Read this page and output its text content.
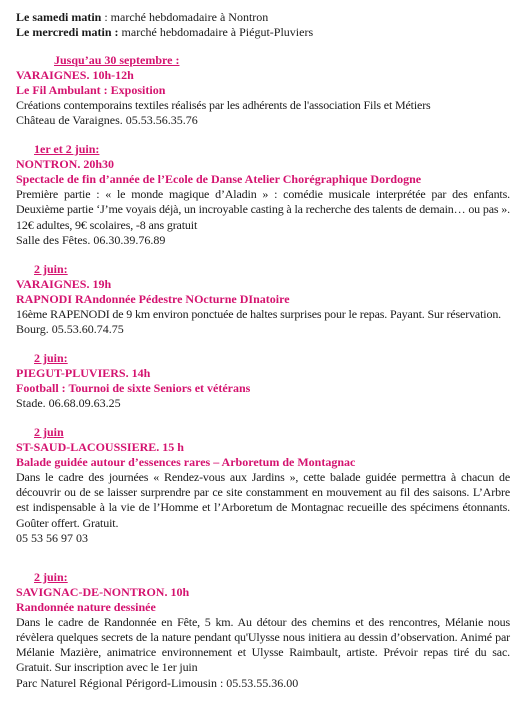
Le samedi matin : marché hebdomadaire à Nontron
Le mercredi matin : marché hebdomadaire à Piégut-Pluviers
Jusqu’au 30 septembre :
VARAIGNES. 10h-12h
Le Fil Ambulant : Exposition
Créations contemporains textiles réalisés par les adhérents de l'association Fils et Métiers
Château de Varaignes. 05.53.56.35.76
1er et 2 juin:
NONTRON. 20h30
Spectacle de fin d’année de l’Ecole de Danse Atelier Chorégraphique Dordogne
Première partie : « le monde magique d’Aladin » : comédie musicale interprétée par des enfants. Deuxième partie ‘J’me voyais déjà, un incroyable casting à la recherche des talents de demain… ou pas ». 12€ adultes, 9€ scolaires, -8 ans gratuit
Salle des Fêtes. 06.30.39.76.89
2 juin:
VARAIGNES. 19h
RAPNODI RAndonnée Pédestre NOcturne DInatoire
16ème RAPENODI de 9 km environ ponctuée de haltes surprises pour le repas. Payant. Sur réservation.
Bourg. 05.53.60.74.75
2 juin:
PIEGUT-PLUVIERS. 14h
Football : Tournoi de sixte Seniors et vétérans
Stade. 06.68.09.63.25
2 juin
ST-SAUD-LACOUSSIERE. 15 h
Balade guidée autour d’essences rares – Arboretum de Montagnac
Dans le cadre des journées « Rendez-vous aux Jardins », cette balade guidée permettra à chacun de découvrir ou de se laisser surprendre par ce site constamment en mouvement au fil des saisons. L’Arbre est indispensable à la vie de l’Homme et l’Arboretum de Montagnac recueille des spécimens étonnants. Goûter offert. Gratuit.
05 53 56 97 03
2 juin:
SAVIGNAC-DE-NONTRON. 10h
Randonnée nature dessinée
Dans le cadre de Randonnée en Fête, 5 km. Au détour des chemins et des rencontres, Mélanie nous révèlera quelques secrets de la nature pendant qu'Ulysse nous initiera au dessin d’observation. Animé par Mélanie Mazière, animatrice environnement et Ulysse Raimbault, artiste. Prévoir repas tiré du sac. Gratuit. Sur inscription avec le 1er juin
Parc Naturel Régional Périgord-Limousin : 05.53.55.36.00
